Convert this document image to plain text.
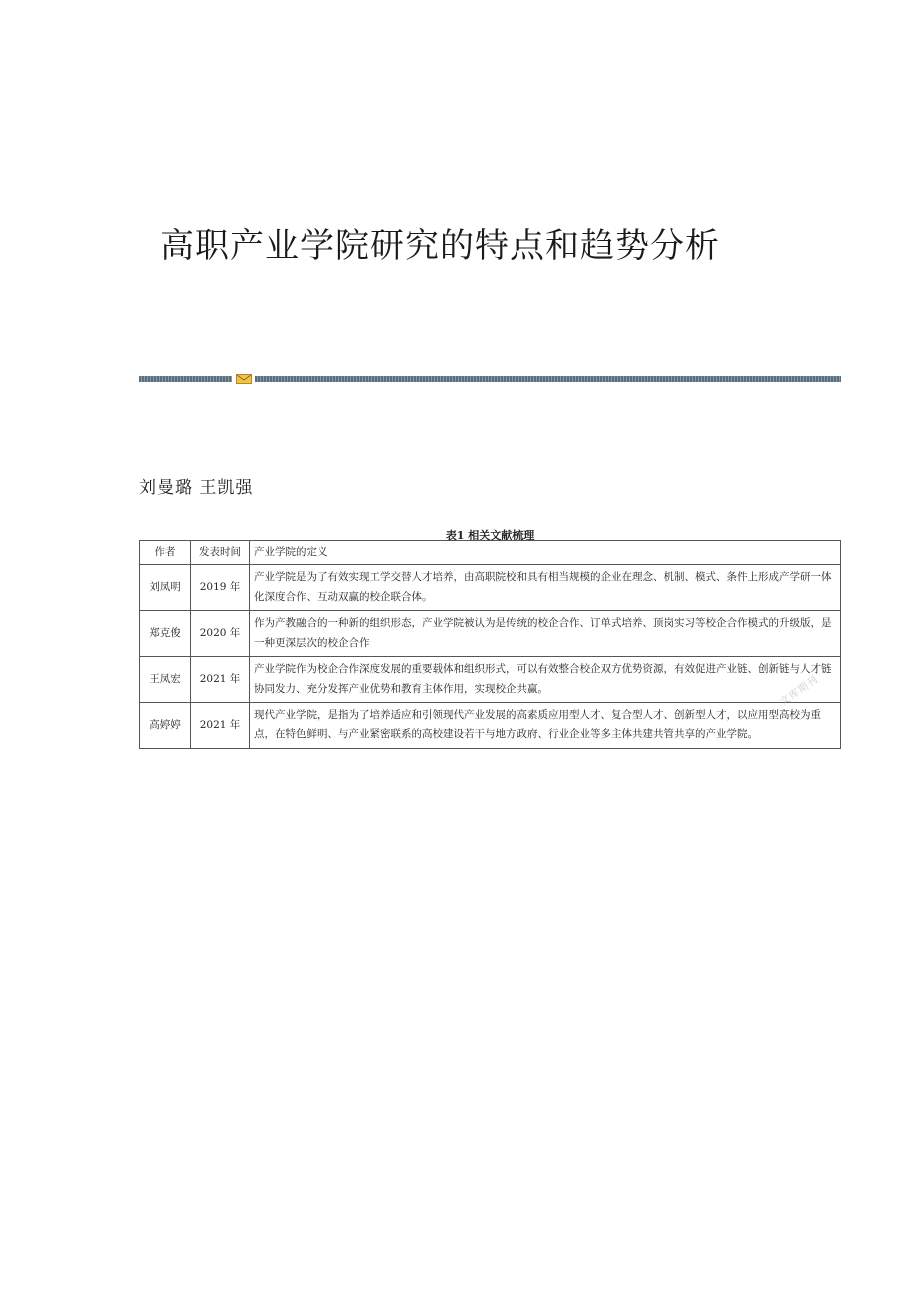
高职产业学院研究的特点和趋势分析
刘曼璐 王凯强
表1 相关文献梳理
作者	发表时间	产业学院的定义
刘凤明	2019 年	产业学院是为了有效实现工学交替人才培养，由高职院校和具有相当规模的企业在理念、机制、模式、条件上形成产学研一体化深度合作、互动双赢的校企联合体。
郑克俊	2020 年	作为产教融合的一种新的组织形态，产业学院被认为是传统的校企合作、订单式培养、顶岗实习等校企合作模式的升级版，是一种更深层次的校企合作
王凤宏	2021 年	产业学院作为校企合作深度发展的重要载体和组织形式，可以有效整合校企双方优势资源，有效促进产业链、创新链与人才链协同发力、充分发挥产业优势和教育主体作用，实现校企共赢。
高婷婷	2021 年	现代产业学院，是指为了培养适应和引领现代产业发展的高素质应用型人才、复合型人才、创新型人才，以应用型高校为重点，在特色鲜明、与产业紧密联系的高校建设若干与地方政府、行业企业等多主体共建共管共享的产业学院。
文库期刊
